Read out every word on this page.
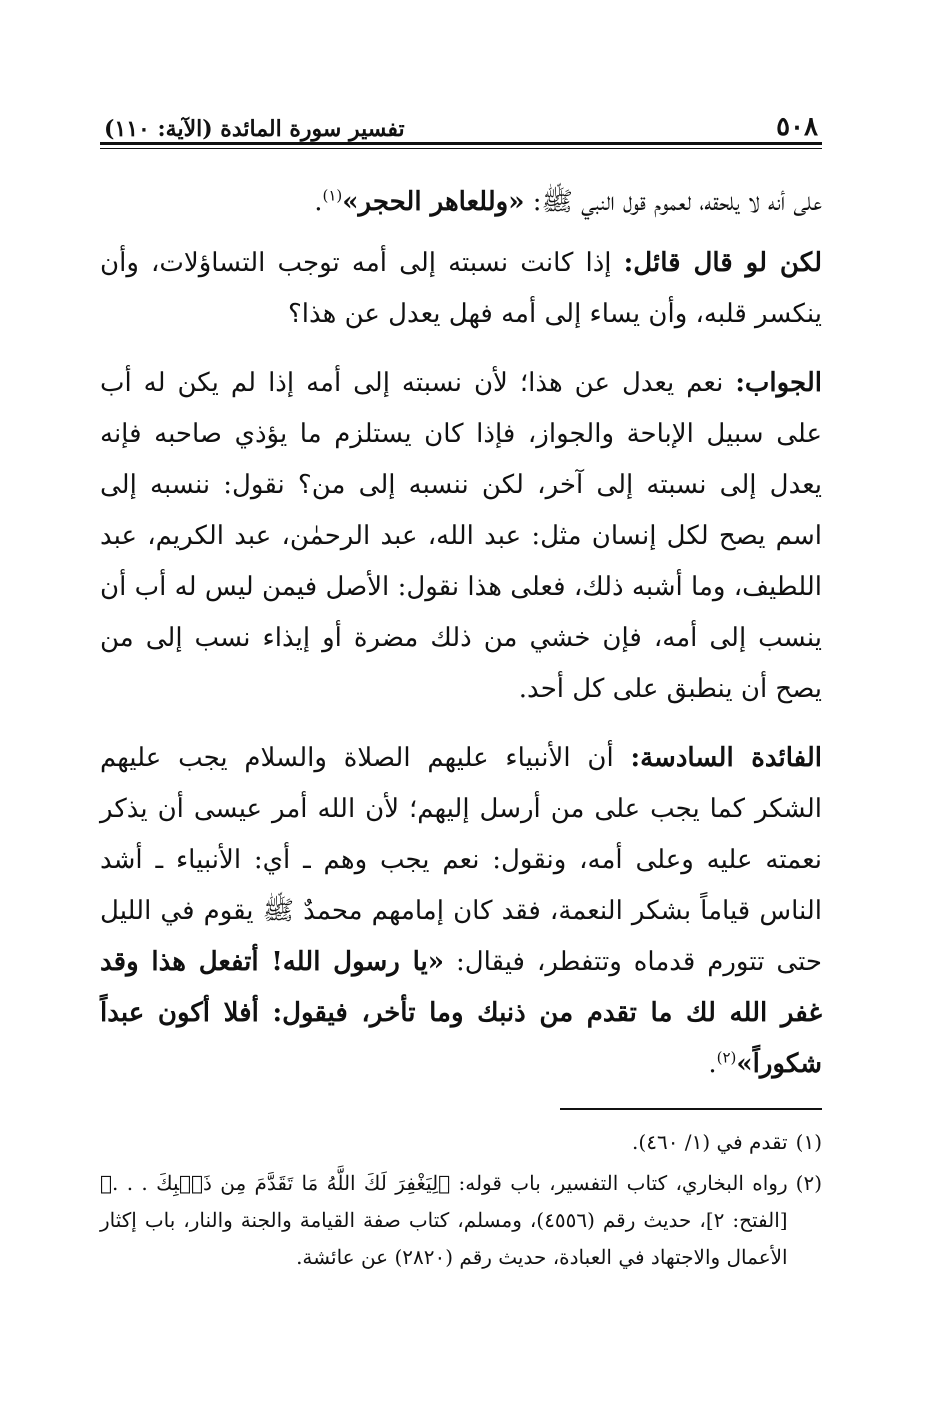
٥٠٨
تفسير سورة المائدة (الآية: ١١٠)

على أنه لا يلحقه، لعموم قول النبي ﷺ: «وللعاهر الحجر»$^{(١)}$.

لكن لو قال قائل: إذا كانت نسبته إلى أمه توجب التساؤلات، وأن ينكسر قلبه، وأن يساء إلى أمه فهل يعدل عن هذا؟

الجواب: نعم يعدل عن هذا؛ لأن نسبته إلى أمه إذا لم يكن له أب على سبيل الإباحة والجواز، فإذا كان يستلزم ما يؤذي صاحبه فإنه يعدل إلى نسبته إلى آخر، لكن ننسبه إلى من؟ نقول: ننسبه إلى اسم يصح لكل إنسان مثل: عبد الله، عبد الرحمٰن، عبد الكريم، عبد اللطيف، وما أشبه ذلك، فعلى هذا نقول: الأصل فيمن ليس له أب أن ينسب إلى أمه، فإن خشي من ذلك مضرة أو إيذاء نسب إلى من يصح أن ينطبق على كل أحد.

الفائدة السادسة: أن الأنبياء عليهم الصلاة والسلام يجب عليهم الشكر كما يجب على من أرسل إليهم؛ لأن الله أمر عيسى أن يذكر نعمته عليه وعلى أمه، ونقول: نعم يجب وهم ـ أي: الأنبياء ـ أشد الناس قياماً بشكر النعمة، فقد كان إمامهم محمدٌ ﷺ يقوم في الليل حتى تتورم قدماه وتتفطر، فيقال: «يا رسول الله! أتفعل هذا وقد غفر الله لك ما تقدم من ذنبك وما تأخر، فيقول: أفلا أكون عبداً شكوراً»$^{(٢)}$.

(١)
تقدم في (١/ ٤٦٠).
(٢)
رواه البخاري، كتاب التفسير، باب قوله: ﴿لِيَغْفِرَ لَكَ اللَّهُ مَا تَقَدَّمَ مِن ذَنۢبِكَ . . .﴾ [الفتح: ٢]، حديث رقم (٤٥٥٦)، ومسلم، كتاب صفة القيامة والجنة والنار، باب إكثار الأعمال والاجتهاد في العبادة، حديث رقم (٢٨٢٠) عن عائشة.
